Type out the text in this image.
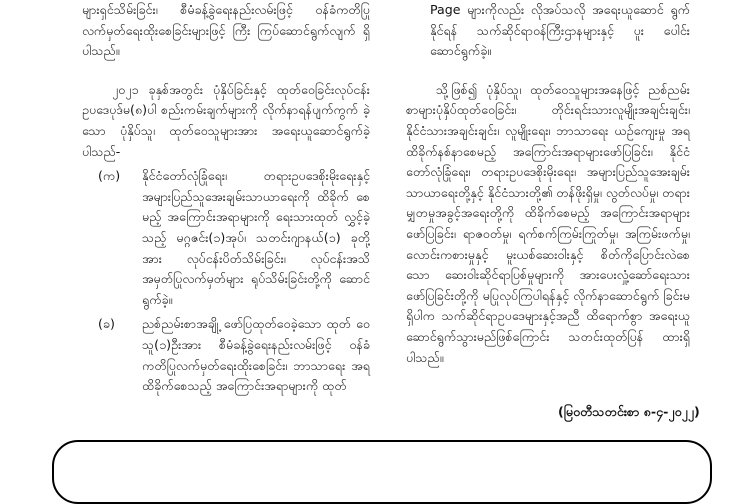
များရှင်သိမ်းခြင်း၊ စီမံခန့်ခွဲရေးနည်းလမ်းဖြင့် ဝန်ခံကတိပြု လက်မှတ်ရေးထိုးစေခြင်းများဖြင့် ကြီး ကြပ်ဆောင်ရွက်လျက် ရှိပါသည်။

၂၀၂၁ ခုနှစ်အတွင်း ပုံနှိပ်ခြင်းနှင့် ထုတ်ဝေခြင်းလုပ်ငန်း ဥပဒေပုဒ်မ(၈)ပါ စည်းကမ်းချက်များကို လိုက်နာရန်ပျက်ကွက် ခဲ့သော ပုံနှိပ်သူ၊ ထုတ်ဝေသူများအား အရေးယူဆောင်ရွက်ခဲ့ ပါသည်-

(က)	နိုင်ငံတော်လုံခြုံရေး၊ တရားဥပဒေစိုးမိုးရေးနှင့် အများပြည်သူအေးချမ်းသာယာရေးကို ထိခိုက် စေမည့် အကြောင်းအရာများကို ရေးသားထုတ် လွှင့်ခဲ့သည့် မဂ္ဂဇင်း(၁)အုပ်၊ သတင်းဂျာနယ်(၁) ခုတို့အား လုပ်ငန်းပိတ်သိမ်းခြင်း၊ လုပ်ငန်းအသိ အမှတ်ပြုလက်မှတ်များ ရုပ်သိမ်းခြင်းတို့ကို ဆောင် ရွက်ခဲ့။
(ခ)	ညစ်ညမ်းစာအချို့ ဖော်ပြထုတ်ဝေခဲ့သော ထုတ် ဝေသူ(၁)ဦးအား စီမံခန့်ခွဲရေးနည်းလမ်းဖြင့် ဝန်ခံ ကတိပြုလက်မှတ်ရေးထိုးစေခြင်း၊ ဘာသာရေး အရ ထိခိုက်စေသည့် အကြောင်းအရာများကို ထုတ်

Page များကိုလည်း လိုအပ်သလို အရေးယူဆောင် ရွက်နိုင်ရန် သက်ဆိုင်ရာဝန်ကြီးဌာနများနှင့် ပူး ပေါင်းဆောင်ရွက်ခဲ့။

သို့ဖြစ်၍ ပုံနှိပ်သူ၊ ထုတ်ဝေသူများအနေဖြင့် ညစ်ညမ်း စာများပုံနှိပ်ထုတ်ဝေခြင်း၊ တိုင်းရင်းသားလူမျိုးအချင်းချင်း၊ နိုင်ငံသားအချင်းချင်း၊ လူမျိုးရေး၊ ဘာသာရေး ယဉ်ကျေးမှု အရ ထိခိုက်နစ်နာစေမည့် အကြောင်းအရာများဖော်ပြခြင်း၊ နိုင်ငံ တော်လုံခြုံရေး၊ တရားဥပဒေစိုးမိုးရေး၊ အများပြည်သူအေးချမ်း သာယာရေးတို့နှင့် နိုင်ငံသားတို့၏ တန်ဖိုးရှိမှု၊ လွတ်လပ်မှု၊ တရား မျှတမှုအခွင့်အရေးတို့ကို ထိခိုက်စေမည့် အကြောင်းအရာများ ဖော်ပြခြင်း၊ ရာဇဝတ်မှု၊ ရက်စက်ကြမ်းကြုတ်မှု၊ အကြမ်းဖက်မှု၊ လောင်းကစားမှုနှင့် မူးယစ်ဆေးဝါးနှင့် စိတ်ကိုပြောင်းလဲစေ သော ဆေးဝါးဆိုင်ရာပြစ်မှုများကို အားပေးလှုံ့ဆော်ရေးသား ဖော်ပြခြင်းတို့ကို မပြုလုပ်ကြပါရန်နှင့် လိုက်နာဆောင်ရွက် ခြင်းမရှိပါက သက်ဆိုင်ရာဥပဒေများနှင့်အညီ ထိရောက်စွာ အရေးယူဆောင်ရွက်သွားမည်ဖြစ်ကြောင်း သတင်းထုတ်ပြန် ထားရှိပါသည်။

(မြဝတီသတင်းစာ ၈-၄-၂၀၂၂)
